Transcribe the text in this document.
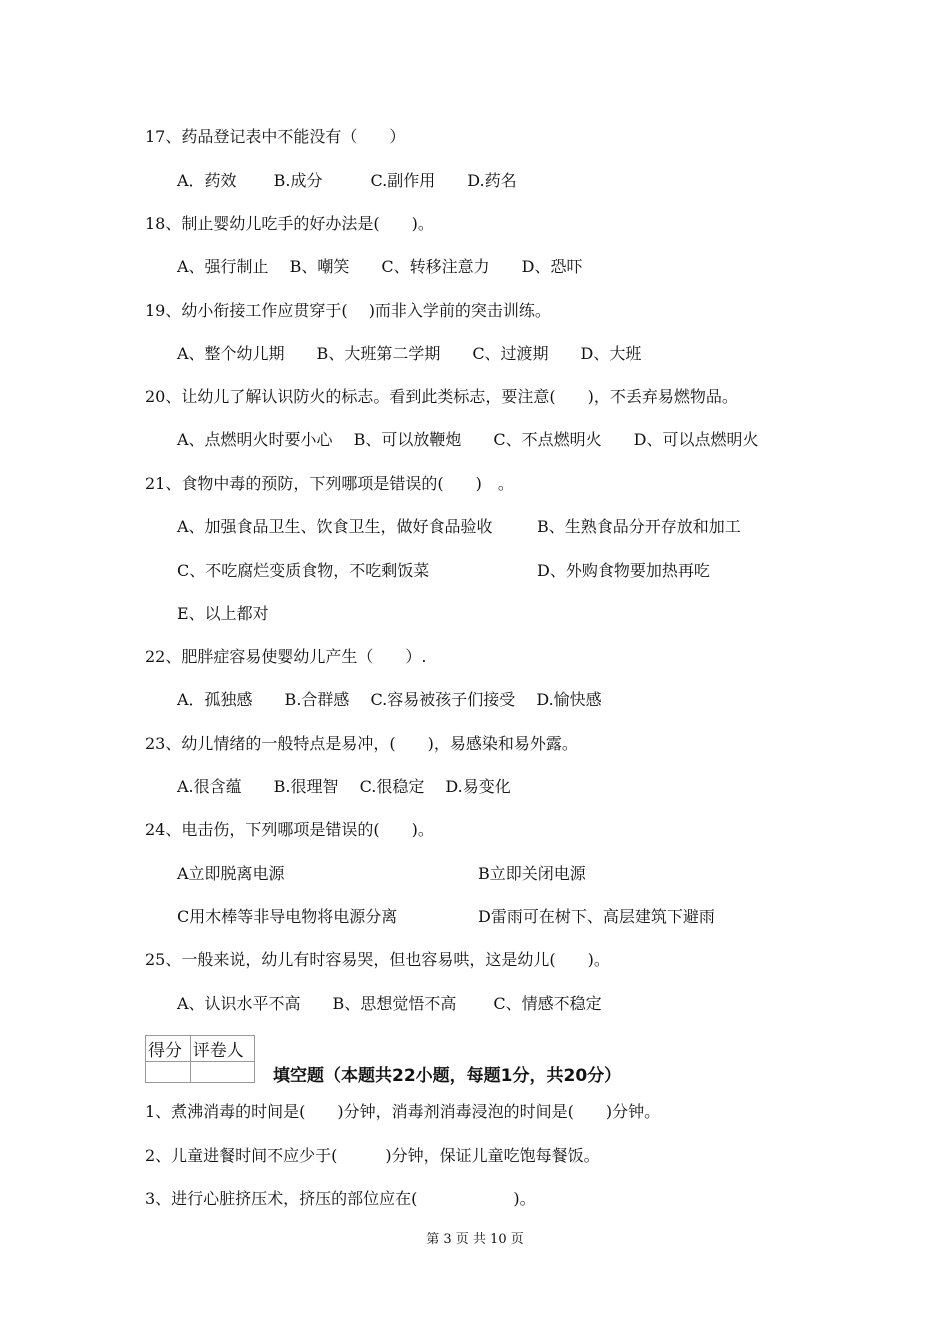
17、药品登记表中不能没有（　　）
A．药效　　 B.成分　　　C.副作用　　D.药名
18、制止婴幼儿吃手的好办法是(　　)。
A、强行制止　 B、嘲笑　　C、转移注意力　　D、恐吓
19、幼小衔接工作应贯穿于(　 )而非入学前的突击训练。
A、整个幼儿期　　B、大班第二学期　　C、过渡期　　D、大班
20、让幼儿了解认识防火的标志。看到此类标志，要注意(　　)，不丢弃易燃物品。
A、点燃明火时要小心　 B、可以放鞭炮　　C、不点燃明火　　D、可以点燃明火
21、食物中毒的预防，下列哪项是错误的(　　)　。
A、加强食品卫生、饮食卫生，做好食品验收	B、生熟食品分开存放和加工
C、不吃腐烂变质食物，不吃剩饭菜	D、外购食物要加热再吃
E、以上都对
22、肥胖症容易使婴幼儿产生（　　）.
A．孤独感　　B.合群感　 C.容易被孩子们接受　 D.愉快感
23、幼儿情绪的一般特点是易冲，(　　)，易感染和易外露。
A.很含蕴　　B.很理智　 C.很稳定　 D.易变化
24、电击伤，下列哪项是错误的(　　)。
A立即脱离电源	B立即关闭电源
C用木棒等非导电物将电源分离	D雷雨可在树下、高层建筑下避雨
25、一般来说，幼儿有时容易哭，但也容易哄，这是幼儿(　　)。
A、认识水平不高　　B、思想觉悟不高　　 C、情感不稳定
得分	评卷人

填空题（本题共22小题，每题1分，共20分）
1、煮沸消毒的时间是(　　)分钟，消毒剂消毒浸泡的时间是(　　)分钟。
2、儿童进餐时间不应少于(　　　)分钟，保证儿童吃饱每餐饭。
3、进行心脏挤压术，挤压的部位应在(　　　　　　)。
第 3 页 共 10 页
